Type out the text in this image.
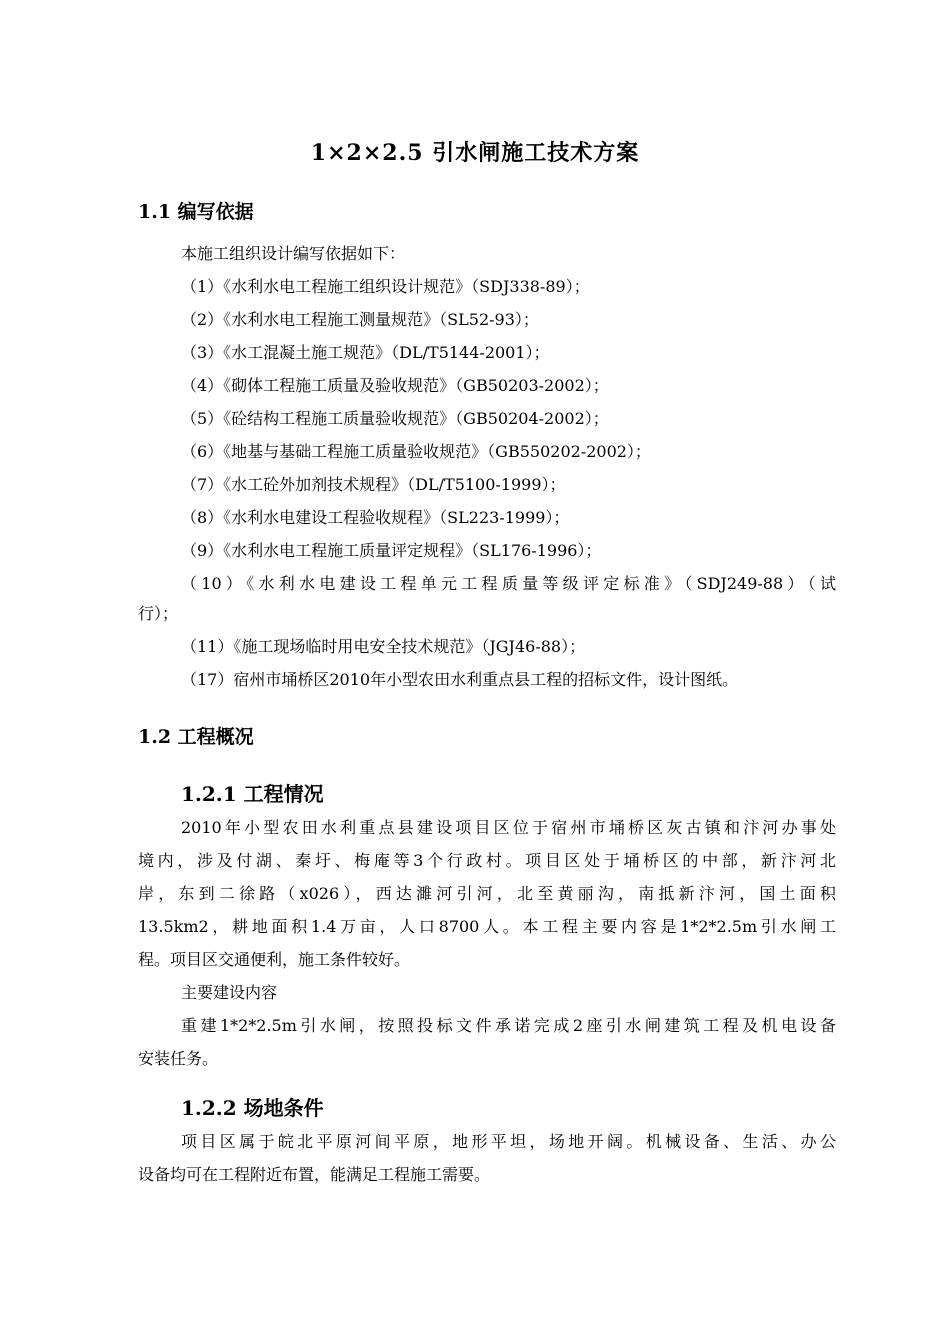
1×2×2.5 引水闸施工技术方案
1.1 编写依据
本施工组织设计编写依据如下：
（1）《水利水电工程施工组织设计规范》（SDJ338-89）；
（2）《水利水电工程施工测量规范》（SL52-93）；
（3）《水工混凝土施工规范》（DL/T5144-2001）；
（4）《砌体工程施工质量及验收规范》（GB50203-2002）；
（5）《砼结构工程施工质量验收规范》（GB50204-2002）；
（6）《地基与基础工程施工质量验收规范》（GB550202-2002）；
（7）《水工砼外加剂技术规程》（DL/T5100-1999）；
（8）《水利水电建设工程验收规程》（SL223-1999）；
（9）《水利水电工程施工质量评定规程》（SL176-1996）；
（10）《水利水电建设工程单元工程质量等级评定标准》（SDJ249-88）（试
行）；
（11）《施工现场临时用电安全技术规范》（JGJ46-88）；
（17）宿州市埇桥区2010年小型农田水利重点县工程的招标文件，设计图纸。
1.2 工程概况
1.2.1 工程情况
2010年小型农田水利重点县建设项目区位于宿州市埇桥区灰古镇和汴河办事处
境内，涉及付湖、秦圩、梅庵等3个行政村。项目区处于埇桥区的中部，新汴河北
岸，东到二徐路（x026），西达濉河引河，北至黄丽沟，南抵新汴河，国土面积
13.5km2，耕地面积1.4万亩，人口8700人。本工程主要内容是1*2*2.5m引水闸工
程。项目区交通便利，施工条件较好。
主要建设内容
重建1*2*2.5m引水闸，按照投标文件承诺完成2座引水闸建筑工程及机电设备
安装任务。
1.2.2 场地条件
项目区属于皖北平原河间平原，地形平坦，场地开阔。机械设备、生活、办公
设备均可在工程附近布置，能满足工程施工需要。
